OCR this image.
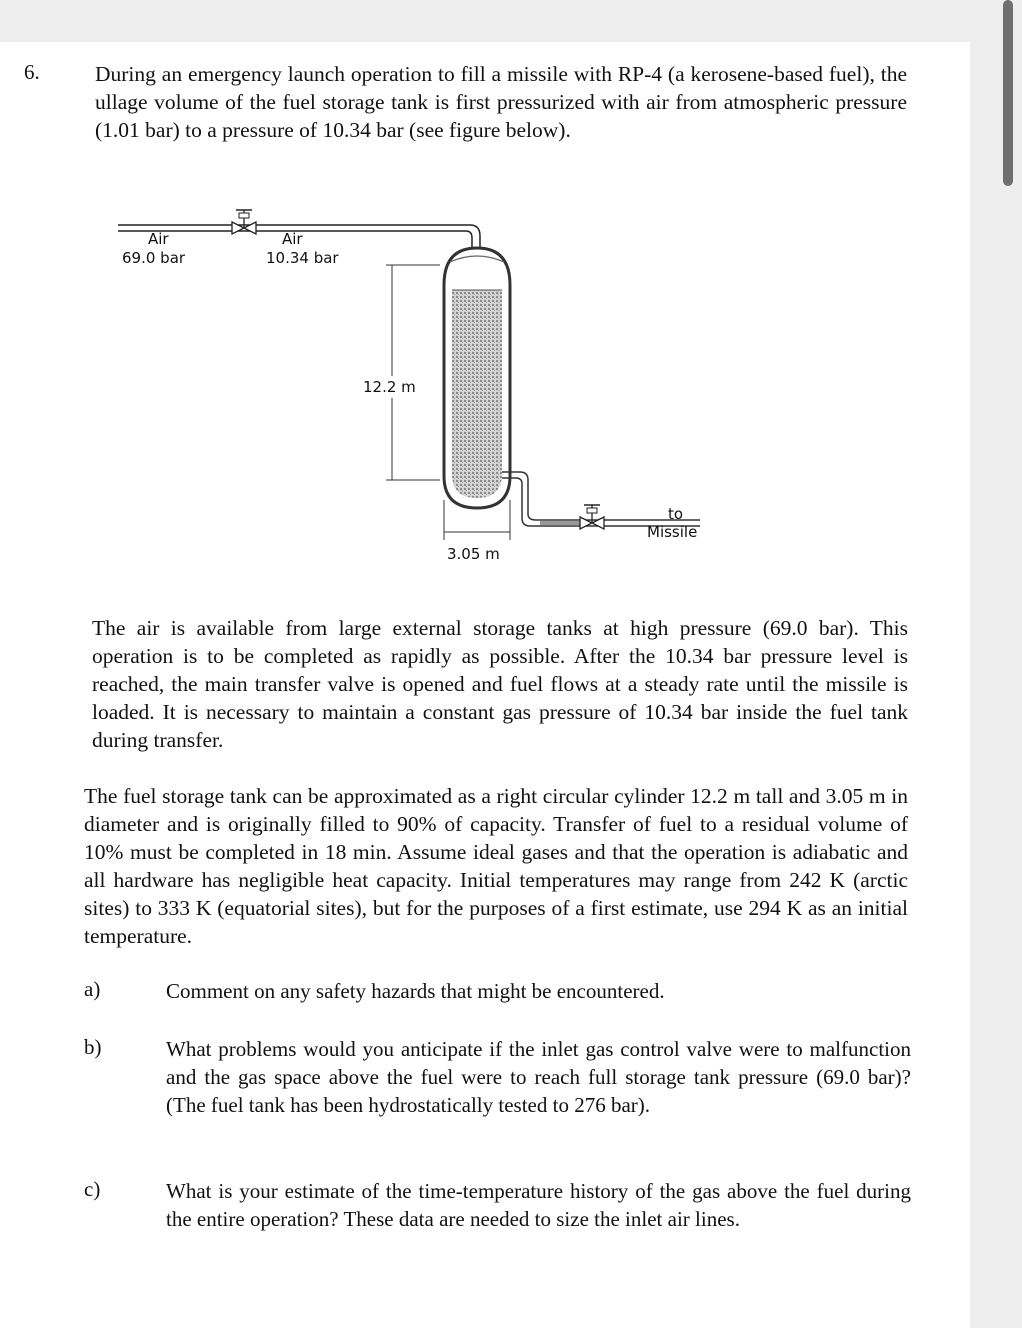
6.	During an emergency launch operation to fill a missile with RP-4 (a kerosene-based fuel), the ullage volume of the fuel storage tank is first pressurized with air from atmospheric pressure (1.01 bar) to a pressure of 10.34 bar (see figure below).

Air
69.0 bar
Air
10.34 bar
12.2 m
3.05 m
to
Missile

The air is available from large external storage tanks at high pressure (69.0 bar). This operation is to be completed as rapidly as possible. After the 10.34 bar pressure level is reached, the main transfer valve is opened and fuel flows at a steady rate until the missile is loaded. It is necessary to maintain a constant gas pressure of 10.34 bar inside the fuel tank during transfer.

The fuel storage tank can be approximated as a right circular cylinder 12.2 m tall and 3.05 m in diameter and is originally filled to 90% of capacity. Transfer of fuel to a residual volume of 10% must be completed in 18 min. Assume ideal gases and that the operation is adiabatic and all hardware has negligible heat capacity. Initial temperatures may range from 242 K (arctic sites) to 333 K (equatorial sites), but for the purposes of a first estimate, use 294 K as an initial temperature.

a)	Comment on any safety hazards that might be encountered.

b)	What problems would you anticipate if the inlet gas control valve were to malfunction and the gas space above the fuel were to reach full storage tank pressure (69.0 bar)? (The fuel tank has been hydrostatically tested to 276 bar).

c)	What is your estimate of the time-temperature history of the gas above the fuel during the entire operation? These data are needed to size the inlet air lines.
